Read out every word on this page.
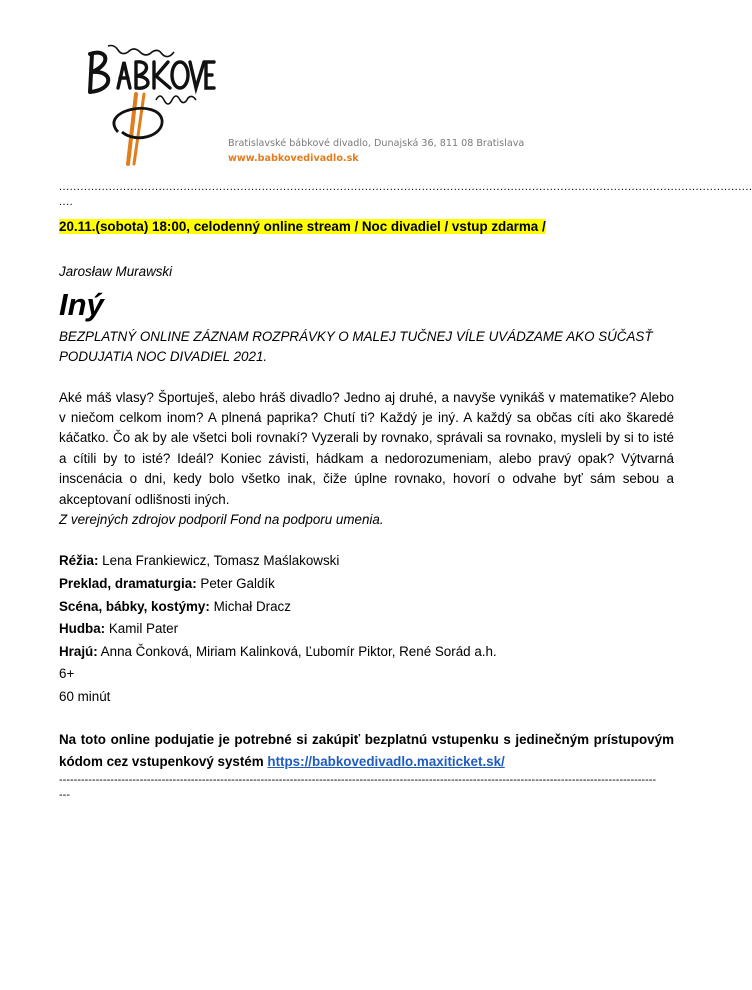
Bratislavské bábkové divadlo, Dunajská 36, 811 08 Bratislava
www.babkovedivadlo.sk
...................................................................................................................................................................................................
....
20.11.(sobota) 18:00, celodenný online stream / Noc divadiel / vstup zdarma /
Jarosław Murawski
Iný
BEZPLATNÝ ONLINE ZÁZNAM ROZPRÁVKY O MALEJ TUČNEJ VÍLE UVÁDZAME AKO SÚČASŤ PODUJATIA NOC DIVADIEL 2021.
Aké máš vlasy? Športuješ, alebo hráš divadlo? Jedno aj druhé, a navyše vynikáš v matematike? Alebo v niečom celkom inom? A plnená paprika? Chutí ti? Každý je iný. A každý sa občas cíti ako škaredé káčatko. Čo ak by ale všetci boli rovnakí? Vyzerali by rovnako, správali sa rovnako, mysleli by si to isté a cítili by to isté? Ideál? Koniec závisti, hádkam a nedorozumeniam, alebo pravý opak? Výtvarná inscenácia o dni, kedy bolo všetko inak, čiže úplne rovnako, hovorí o odvahe byť sám sebou a akceptovaní odlišnosti iných.
Z verejných zdrojov podporil Fond na podporu umenia.
Réžia: Lena Frankiewicz, Tomasz Maślakowski
Preklad, dramaturgia: Peter Galdík
Scéna, bábky, kostýmy: Michał Dracz
Hudba: Kamil Pater
Hrajú: Anna Čonková, Miriam Kalinková, Ľubomír Piktor, René Sorád a.h.
6+
60 minút
Na toto online podujatie je potrebné si zakúpiť bezplatnú vstupenku s jedinečným prístupovým kódom cez vstupenkový systém https://babkovedivadlo.maxiticket.sk/
-------------------------------------------------------------------------------------------------------------------------------------------------------------------
---
